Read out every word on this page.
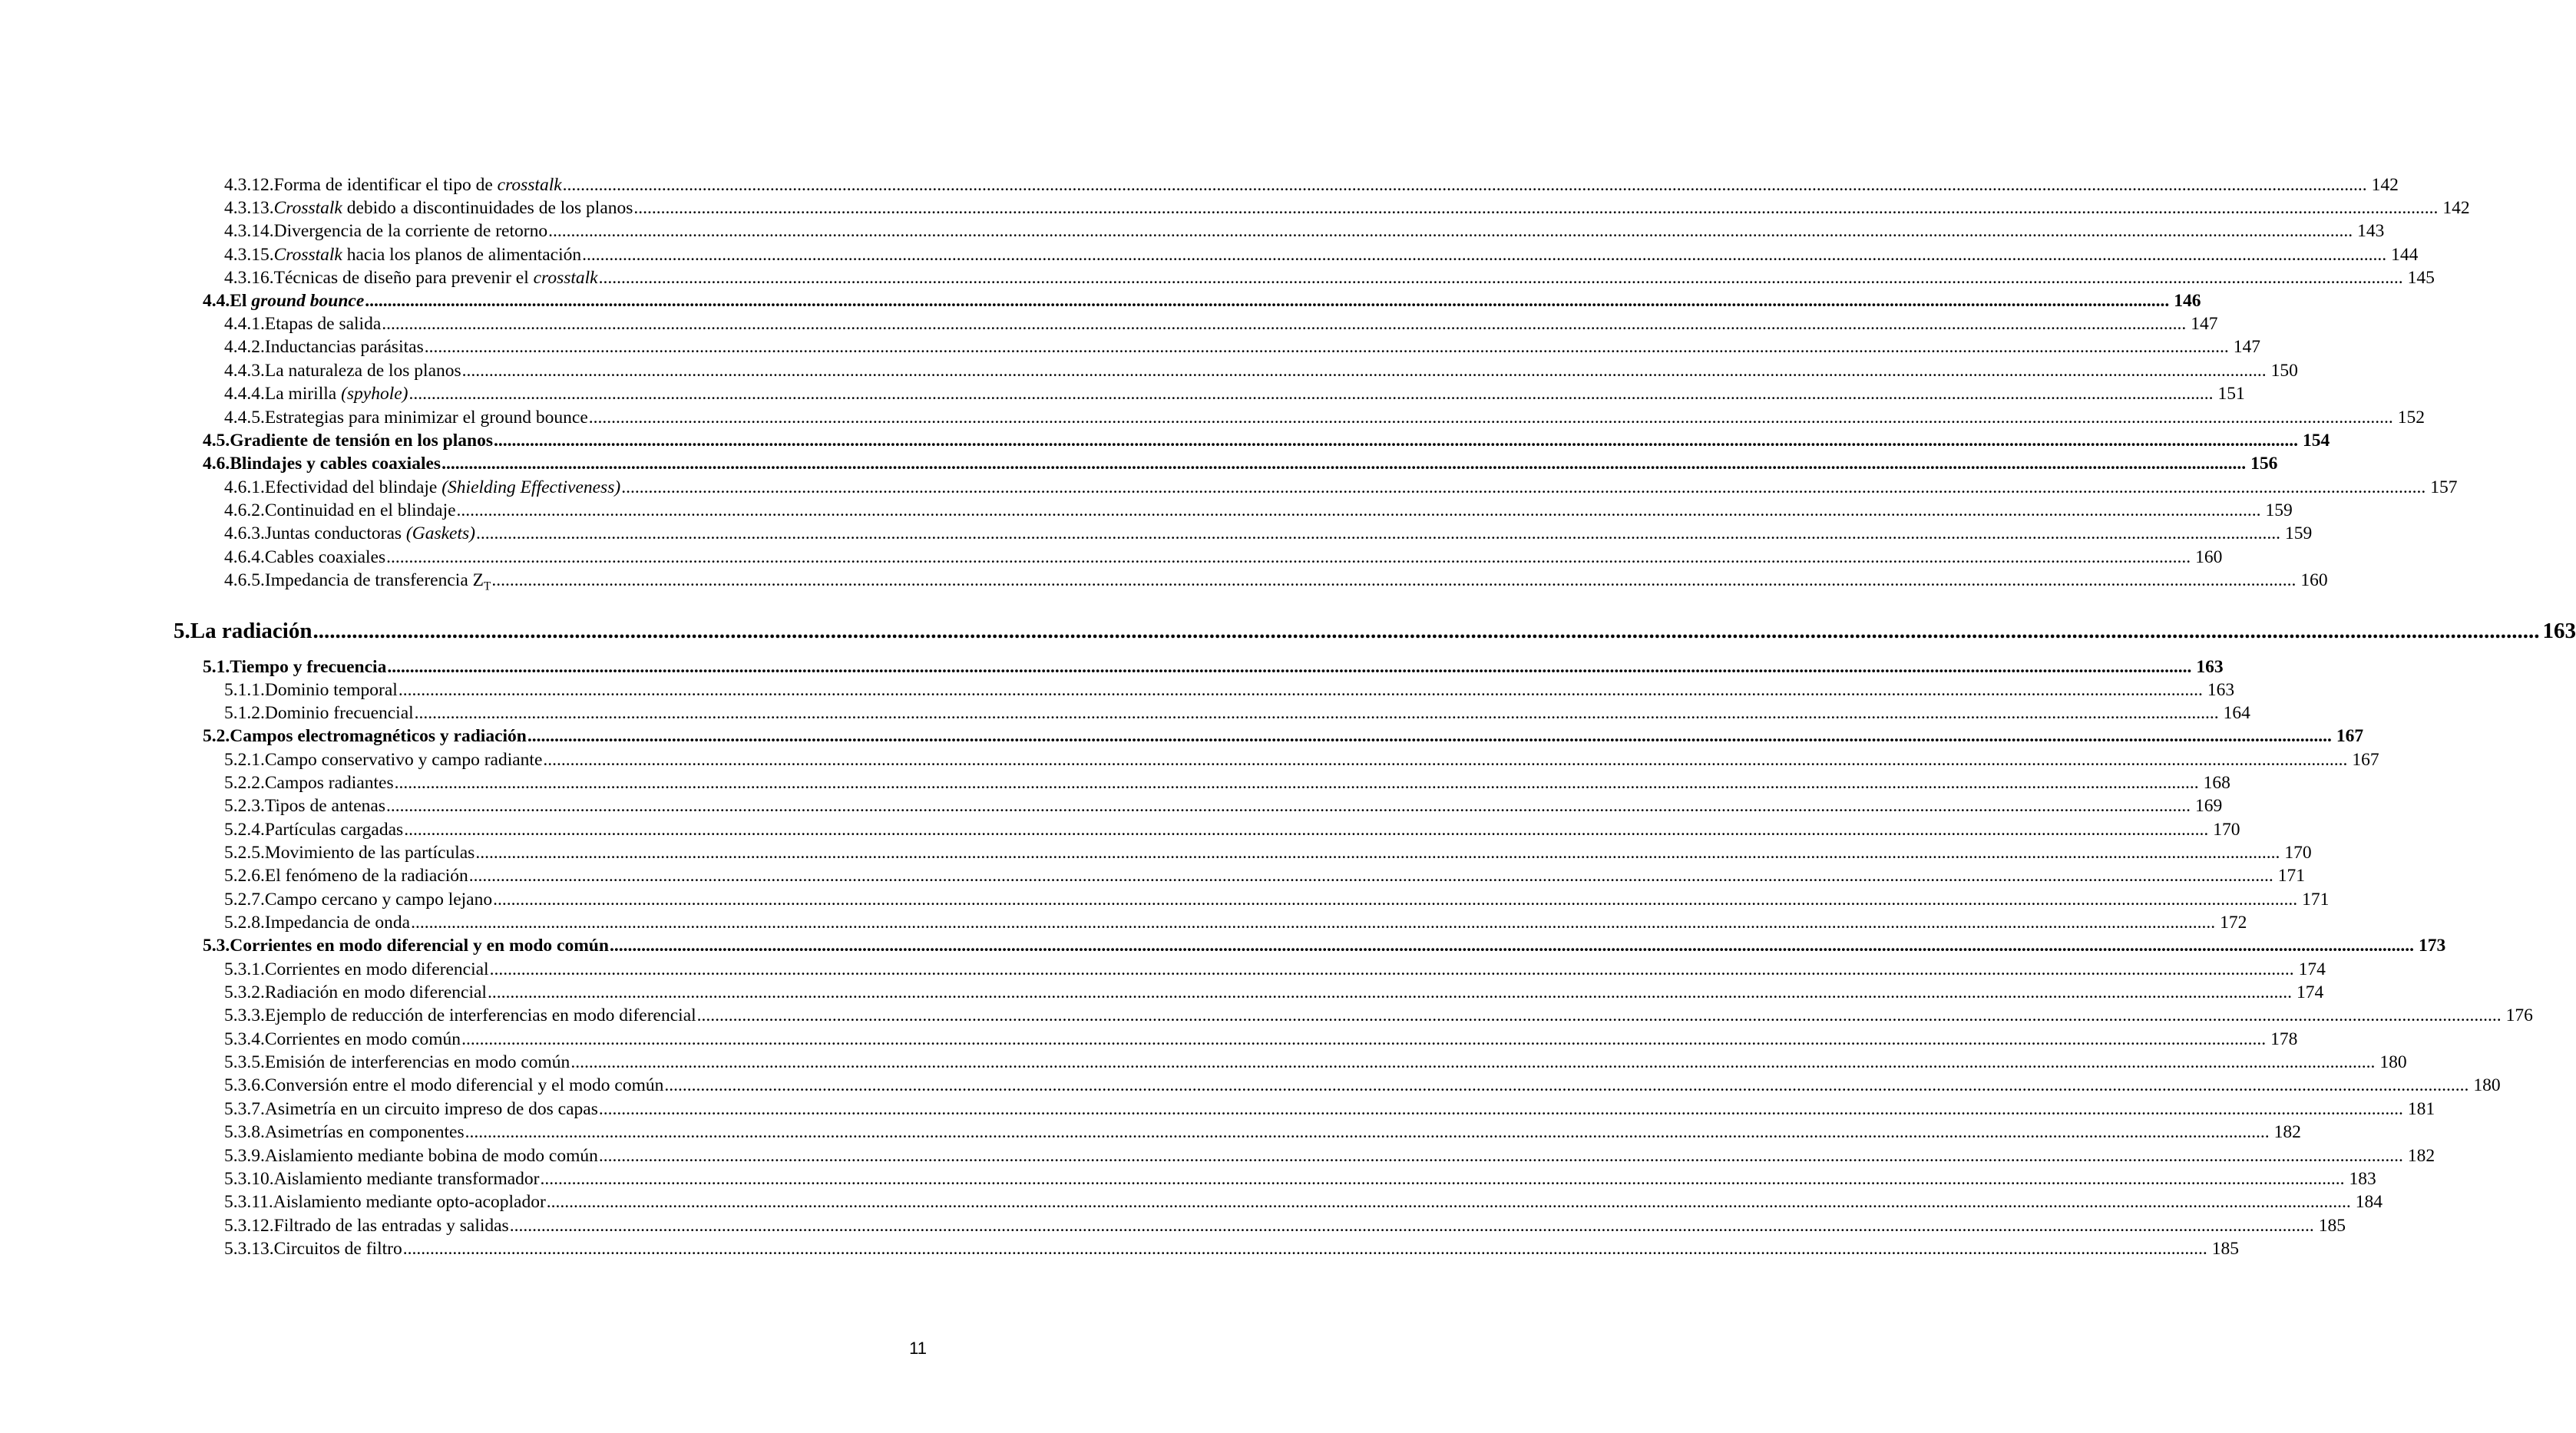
4.3.12. Forma de identificar el tipo de crosstalk ................................................................................................................................................................................................................................................................................................................................................................................................................ 142
4.3.13. Crosstalk debido a discontinuidades de los planos ................................................................................................................................................................................................................................................................................................................................................................................................................ 142
4.3.14. Divergencia de la corriente de retorno ................................................................................................................................................................................................................................................................................................................................................................................................................ 143
4.3.15. Crosstalk hacia los planos de alimentación ................................................................................................................................................................................................................................................................................................................................................................................................................ 144
4.3.16. Técnicas de diseño para prevenir el crosstalk ................................................................................................................................................................................................................................................................................................................................................................................................................ 145
4.4. El ground bounce ................................................................................................................................................................................................................................................................................................................................................................................................................ 146
4.4.1. Etapas de salida ................................................................................................................................................................................................................................................................................................................................................................................................................ 147
4.4.2. Inductancias parásitas ................................................................................................................................................................................................................................................................................................................................................................................................................ 147
4.4.3. La naturaleza de los planos ................................................................................................................................................................................................................................................................................................................................................................................................................ 150
4.4.4. La mirilla (spyhole) ................................................................................................................................................................................................................................................................................................................................................................................................................ 151
4.4.5. Estrategias para minimizar el ground bounce ................................................................................................................................................................................................................................................................................................................................................................................................................ 152
4.5. Gradiente de tensión en los planos ................................................................................................................................................................................................................................................................................................................................................................................................................ 154
4.6. Blindajes y cables coaxiales ................................................................................................................................................................................................................................................................................................................................................................................................................ 156
4.6.1. Efectividad del blindaje (Shielding Effectiveness) ................................................................................................................................................................................................................................................................................................................................................................................................................ 157
4.6.2. Continuidad en el blindaje ................................................................................................................................................................................................................................................................................................................................................................................................................ 159
4.6.3. Juntas conductoras (Gaskets) ................................................................................................................................................................................................................................................................................................................................................................................................................ 159
4.6.4. Cables coaxiales ................................................................................................................................................................................................................................................................................................................................................................................................................ 160
4.6.5. Impedancia de transferencia $Z_T$ ................................................................................................................................................................................................................................................................................................................................................................................................................ 160
5. La radiación ................................................................................................................................................................................................................................................................................................................................................................................................................ 163
5.1. Tiempo y frecuencia ................................................................................................................................................................................................................................................................................................................................................................................................................ 163
5.1.1. Dominio temporal ................................................................................................................................................................................................................................................................................................................................................................................................................ 163
5.1.2. Dominio frecuencial ................................................................................................................................................................................................................................................................................................................................................................................................................ 164
5.2. Campos electromagnéticos y radiación ................................................................................................................................................................................................................................................................................................................................................................................................................ 167
5.2.1. Campo conservativo y campo radiante ................................................................................................................................................................................................................................................................................................................................................................................................................ 167
5.2.2. Campos radiantes ................................................................................................................................................................................................................................................................................................................................................................................................................ 168
5.2.3. Tipos de antenas ................................................................................................................................................................................................................................................................................................................................................................................................................ 169
5.2.4. Partículas cargadas ................................................................................................................................................................................................................................................................................................................................................................................................................ 170
5.2.5. Movimiento de las partículas ................................................................................................................................................................................................................................................................................................................................................................................................................ 170
5.2.6. El fenómeno de la radiación ................................................................................................................................................................................................................................................................................................................................................................................................................ 171
5.2.7. Campo cercano y campo lejano ................................................................................................................................................................................................................................................................................................................................................................................................................ 171
5.2.8. Impedancia de onda ................................................................................................................................................................................................................................................................................................................................................................................................................ 172
5.3. Corrientes en modo diferencial y en modo común ................................................................................................................................................................................................................................................................................................................................................................................................................ 173
5.3.1. Corrientes en modo diferencial ................................................................................................................................................................................................................................................................................................................................................................................................................ 174
5.3.2. Radiación en modo diferencial ................................................................................................................................................................................................................................................................................................................................................................................................................ 174
5.3.3. Ejemplo de reducción de interferencias en modo diferencial ................................................................................................................................................................................................................................................................................................................................................................................................................ 176
5.3.4. Corrientes en modo común ................................................................................................................................................................................................................................................................................................................................................................................................................ 178
5.3.5. Emisión de interferencias en modo común ................................................................................................................................................................................................................................................................................................................................................................................................................ 180
5.3.6. Conversión entre el modo diferencial y el modo común ................................................................................................................................................................................................................................................................................................................................................................................................................ 180
5.3.7. Asimetría en un circuito impreso de dos capas ................................................................................................................................................................................................................................................................................................................................................................................................................ 181
5.3.8. Asimetrías en componentes ................................................................................................................................................................................................................................................................................................................................................................................................................ 182
5.3.9. Aislamiento mediante bobina de modo común ................................................................................................................................................................................................................................................................................................................................................................................................................ 182
5.3.10. Aislamiento mediante transformador ................................................................................................................................................................................................................................................................................................................................................................................................................ 183
5.3.11. Aislamiento mediante opto-acoplador ................................................................................................................................................................................................................................................................................................................................................................................................................ 184
5.3.12. Filtrado de las entradas y salidas ................................................................................................................................................................................................................................................................................................................................................................................................................ 185
5.3.13. Circuitos de filtro ................................................................................................................................................................................................................................................................................................................................................................................................................ 185
11
